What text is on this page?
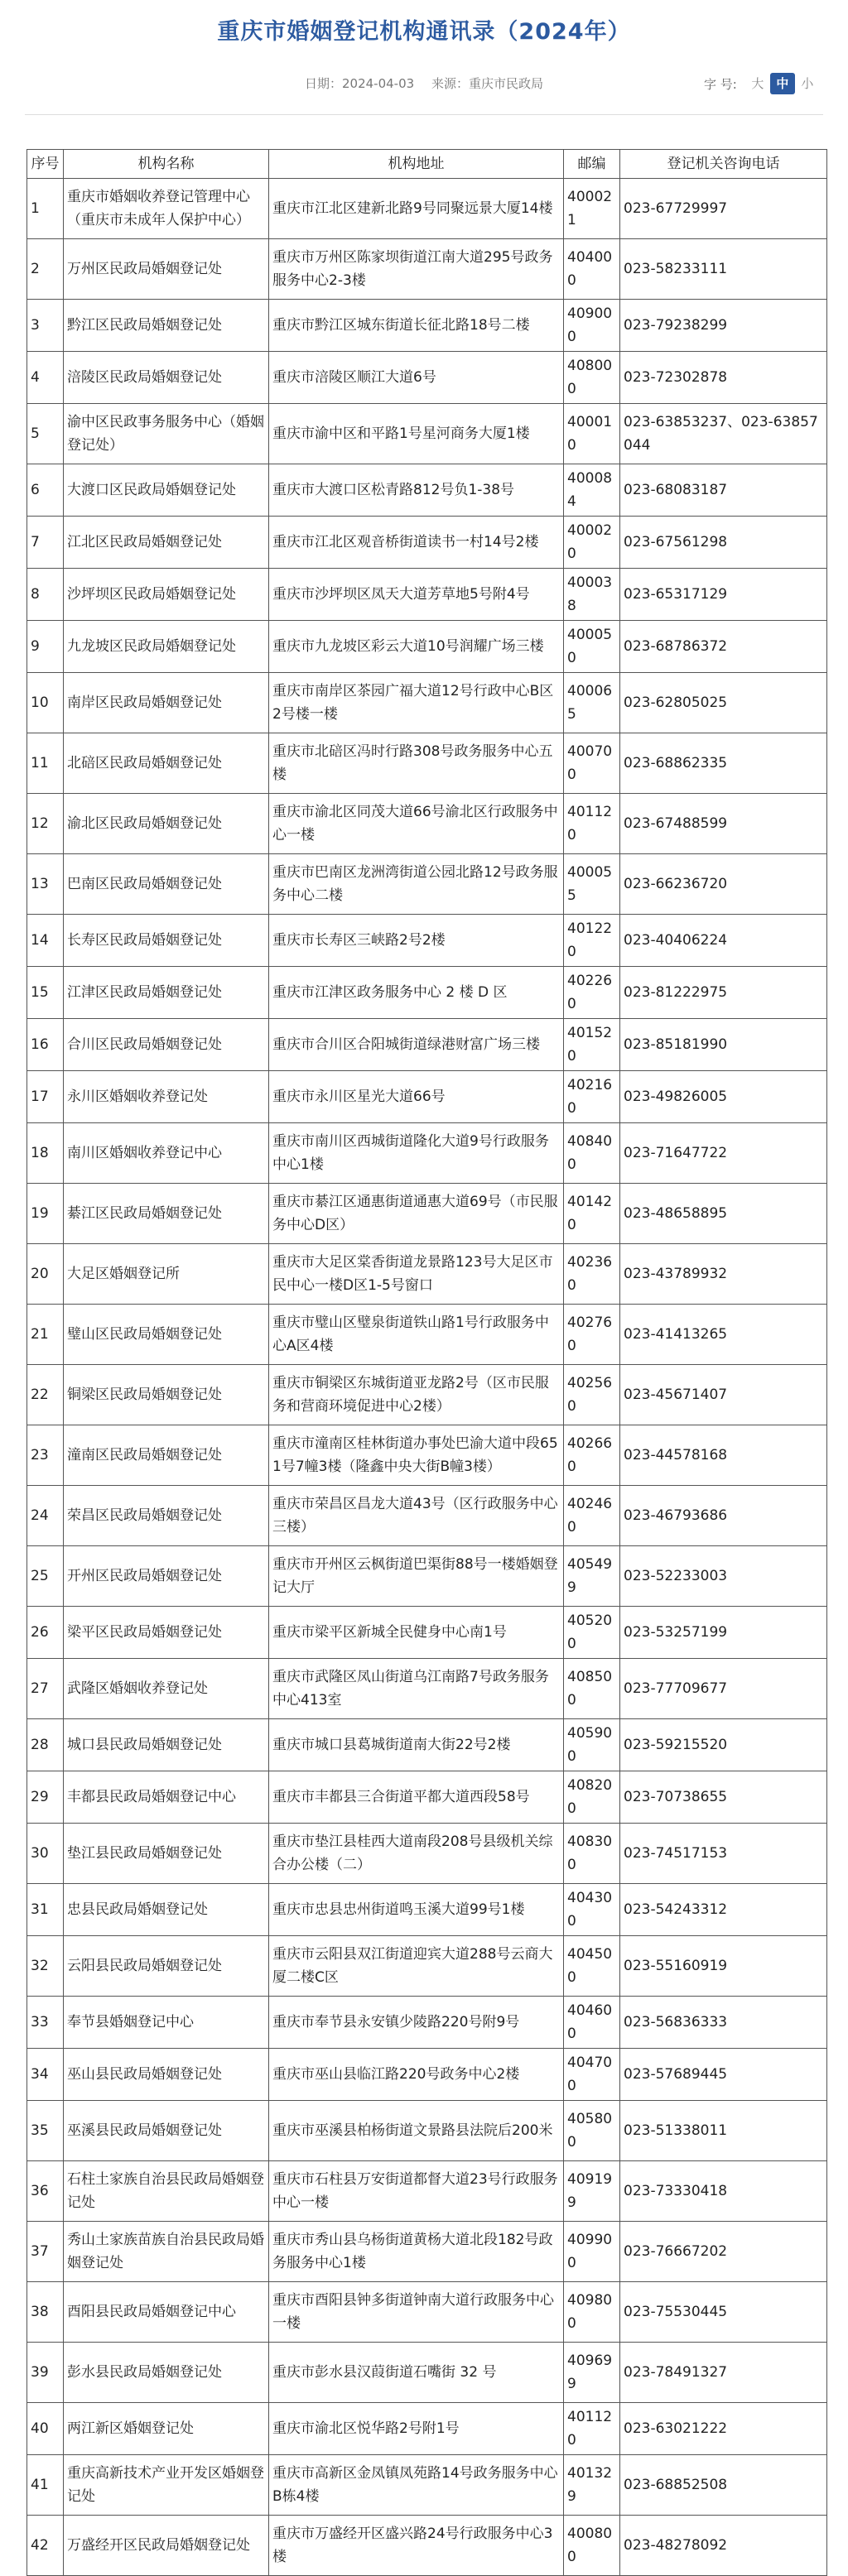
重庆市婚姻登记机构通讯录（2024年）
日期：2024-04-03 来源：重庆市民政局	字 号:	大 中 小
序号	机构名称	机构地址	邮编	登记机关咨询电话
1	重庆市婚姻收养登记管理中心（重庆市未成年人保护中心）	重庆市江北区建新北路9号同聚远景大厦14楼	400021	023-67729997
2	万州区民政局婚姻登记处	重庆市万州区陈家坝街道江南大道295号政务服务中心2-3楼	404000	023-58233111
3	黔江区民政局婚姻登记处	重庆市黔江区城东街道长征北路18号二楼	409000	023-79238299
4	涪陵区民政局婚姻登记处	重庆市涪陵区顺江大道6号	408000	023-72302878
5	渝中区民政事务服务中心（婚姻登记处）	重庆市渝中区和平路1号星河商务大厦1楼	400010	023-63853237、023-63857044
6	大渡口区民政局婚姻登记处	重庆市大渡口区松青路812号负1-38号	400084	023-68083187
7	江北区民政局婚姻登记处	重庆市江北区观音桥街道读书一村14号2楼	400020	023-67561298
8	沙坪坝区民政局婚姻登记处	重庆市沙坪坝区凤天大道芳草地5号附4号	400038	023-65317129
9	九龙坡区民政局婚姻登记处	重庆市九龙坡区彩云大道10号润耀广场三楼	400050	023-68786372
10	南岸区民政局婚姻登记处	重庆市南岸区茶园广福大道12号行政中心B区2号楼一楼	400065	023-62805025
11	北碚区民政局婚姻登记处	重庆市北碚区冯时行路308号政务服务中心五楼	400700	023-68862335
12	渝北区民政局婚姻登记处	重庆市渝北区同茂大道66号渝北区行政服务中心一楼	401120	023-67488599
13	巴南区民政局婚姻登记处	重庆市巴南区龙洲湾街道公园北路12号政务服务中心二楼	400055	023-66236720
14	长寿区民政局婚姻登记处	重庆市长寿区三峡路2号2楼	401220	023-40406224
15	江津区民政局婚姻登记处	重庆市江津区政务服务中心 2 楼 D 区	402260	023-81222975
16	合川区民政局婚姻登记处	重庆市合川区合阳城街道绿港财富广场三楼	401520	023-85181990
17	永川区婚姻收养登记处	重庆市永川区星光大道66号	402160	023-49826005
18	南川区婚姻收养登记中心	重庆市南川区西城街道隆化大道9号行政服务中心1楼	408400	023-71647722
19	綦江区民政局婚姻登记处	重庆市綦江区通惠街道通惠大道69号（市民服务中心D区）	401420	023-48658895
20	大足区婚姻登记所	重庆市大足区棠香街道龙景路123号大足区市民中心一楼D区1-5号窗口	402360	023-43789932
21	璧山区民政局婚姻登记处	重庆市璧山区璧泉街道铁山路1号行政服务中心A区4楼	402760	023-41413265
22	铜梁区民政局婚姻登记处	重庆市铜梁区东城街道亚龙路2号（区市民服务和营商环境促进中心2楼）	402560	023-45671407
23	潼南区民政局婚姻登记处	重庆市潼南区桂林街道办事处巴渝大道中段651号7幢3楼（隆鑫中央大街B幢3楼）	402660	023-44578168
24	荣昌区民政局婚姻登记处	重庆市荣昌区昌龙大道43号（区行政服务中心三楼）	402460	023-46793686
25	开州区民政局婚姻登记处	重庆市开州区云枫街道巴渠街88号一楼婚姻登记大厅	405499	023-52233003
26	梁平区民政局婚姻登记处	重庆市梁平区新城全民健身中心南1号	405200	023-53257199
27	武隆区婚姻收养登记处	重庆市武隆区凤山街道乌江南路7号政务服务中心413室	408500	023-77709677
28	城口县民政局婚姻登记处	重庆市城口县葛城街道南大街22号2楼	405900	023-59215520
29	丰都县民政局婚姻登记中心	重庆市丰都县三合街道平都大道西段58号	408200	023-70738655
30	垫江县民政局婚姻登记处	重庆市垫江县桂西大道南段208号县级机关综合办公楼（二）	408300	023-74517153
31	忠县民政局婚姻登记处	重庆市忠县忠州街道鸣玉溪大道99号1楼	404300	023-54243312
32	云阳县民政局婚姻登记处	重庆市云阳县双江街道迎宾大道288号云商大厦二楼C区	404500	023-55160919
33	奉节县婚姻登记中心	重庆市奉节县永安镇少陵路220号附9号	404600	023-56836333
34	巫山县民政局婚姻登记处	重庆市巫山县临江路220号政务中心2楼	404700	023-57689445
35	巫溪县民政局婚姻登记处	重庆市巫溪县柏杨街道文景路县法院后200米	405800	023-51338011
36	石柱土家族自治县民政局婚姻登记处	重庆市石柱县万安街道都督大道23号行政服务中心一楼	409199	023-73330418
37	秀山土家族苗族自治县民政局婚姻登记处	重庆市秀山县乌杨街道黄杨大道北段182号政务服务中心1楼	409900	023-76667202
38	酉阳县民政局婚姻登记中心	重庆市酉阳县钟多街道钟南大道行政服务中心一楼	409800	023-75530445
39	彭水县民政局婚姻登记处	重庆市彭水县汉葭街道石嘴街 32 号	409699	023-78491327
40	两江新区婚姻登记处	重庆市渝北区悦华路2号附1号	401120	023-63021222
41	重庆高新技术产业开发区婚姻登记处	重庆市高新区金凤镇凤苑路14号政务服务中心B栋4楼	401329	023-68852508
42	万盛经开区民政局婚姻登记处	重庆市万盛经开区盛兴路24号行政服务中心3楼	400800	023-48278092
